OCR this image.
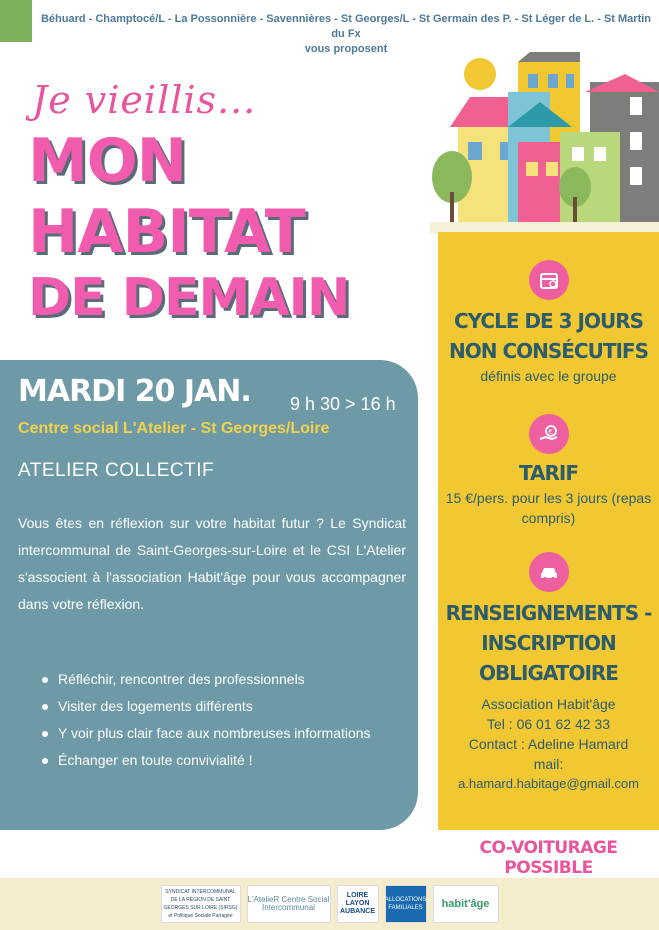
Béhuard - Champtocé/L - La Possonnière - Savennières - St Georges/L - St Germain des P. - St Léger de L. - St Martin du Fx
vous proposent
Je vieillis...
MON
HABITAT
DE DEMAIN
MARDI 20 JAN. 9 h 30 > 16 h
Centre social L'Atelier - St Georges/Loire
ATELIER COLLECTIF
Vous êtes en réflexion sur votre habitat futur ? Le Syndicat intercommunal de Saint-Georges-sur-Loire et le CSI L'Atelier s'associent à l'association Habit'âge pour vous accompagner dans votre réflexion.
Réfléchir, rencontrer des professionnels
Visiter des logements différents
Y voir plus clair face aux nombreuses informations
Échanger en toute convivialité !
CYCLE DE 3 JOURS NON CONSÉCUTIFS
définis avec le groupe
€
TARIF
15 €/pers. pour les 3 jours (repas compris)
RENSEIGNEMENTS - INSCRIPTION OBLIGATOIRE
Association Habit'âge
Tel : 06 01 62 42 33
Contact : Adeline Hamard
mail:
a.hamard.habitage@gmail.com
CO-VOITURAGE POSSIBLE
SYNDICAT INTERCOMMUNAL DE LA RÉGION DE SAINT GEORGES SUR LOIRE (SIRSG) et Politique Sociale Partagée
L'AtelieR Centre Social Intercommunal
LOIRE LAYON AUBANCE
ALLOCATIONS FAMILIALES	habit'âge
